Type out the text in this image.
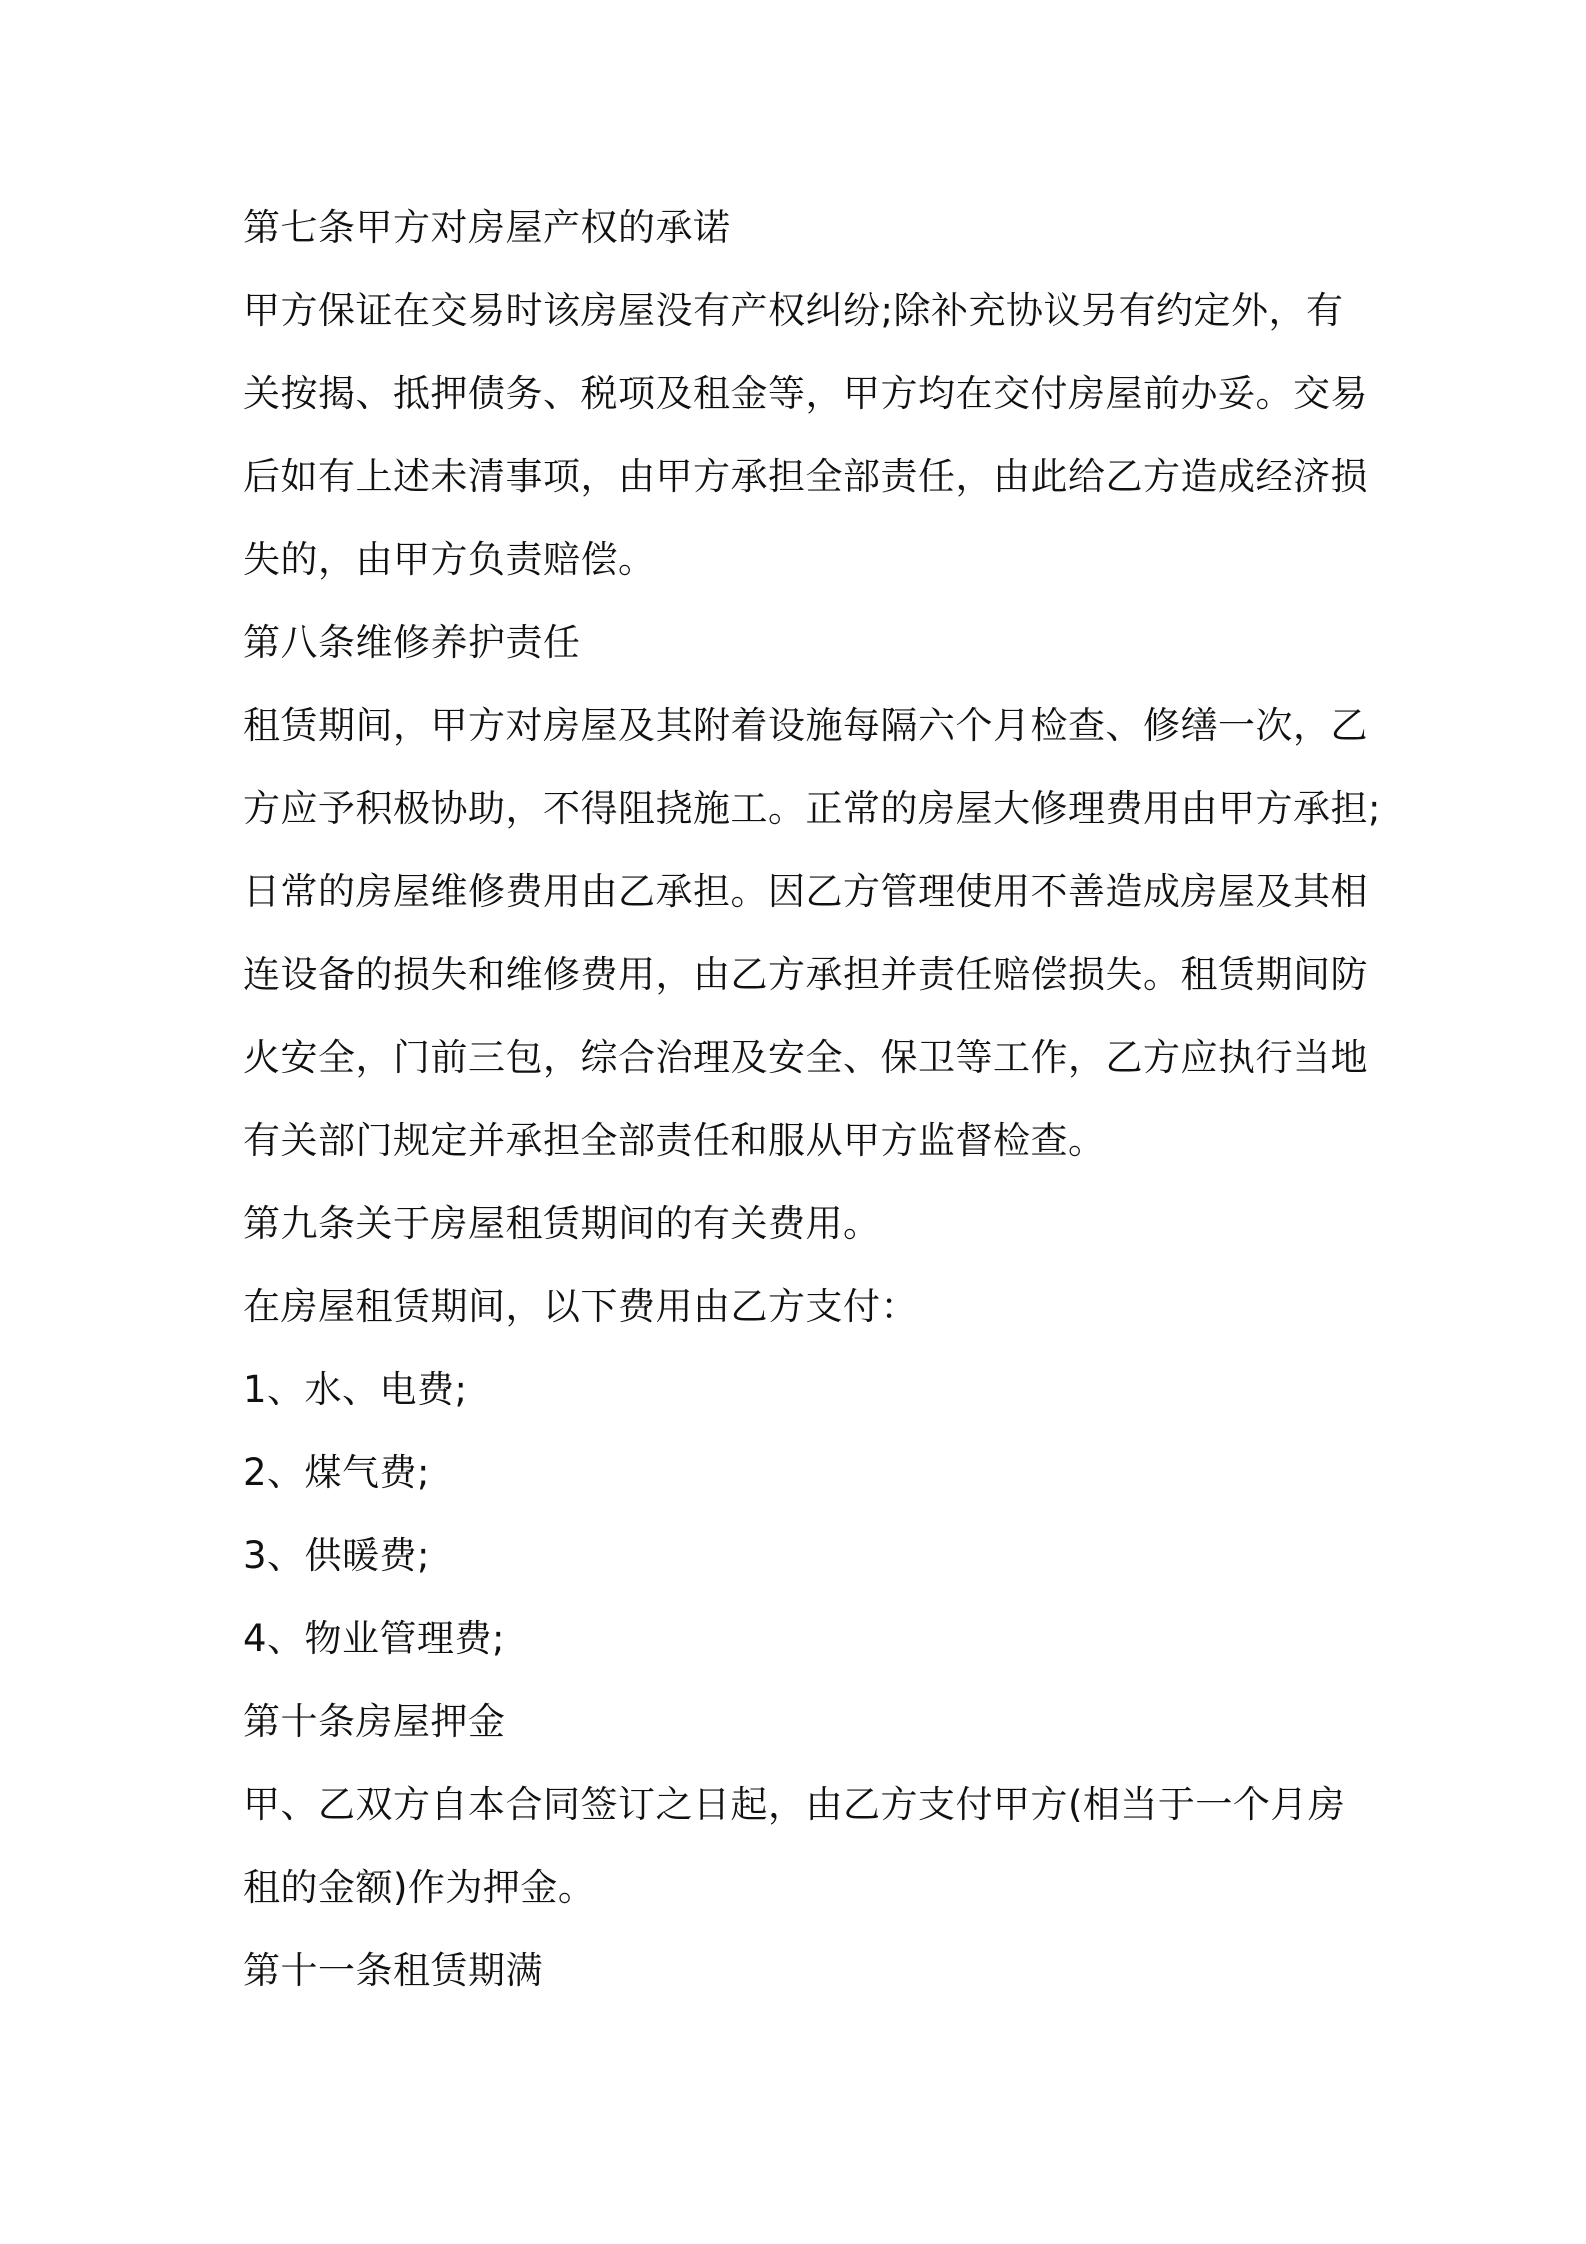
第七条甲方对房屋产权的承诺
甲方保证在交易时该房屋没有产权纠纷;除补充协议另有约定外，有
关按揭、抵押债务、税项及租金等，甲方均在交付房屋前办妥。交易
后如有上述未清事项，由甲方承担全部责任，由此给乙方造成经济损
失的，由甲方负责赔偿。
第八条维修养护责任
租赁期间，甲方对房屋及其附着设施每隔六个月检查、修缮一次，乙
方应予积极协助，不得阻挠施工。正常的房屋大修理费用由甲方承担;
日常的房屋维修费用由乙承担。因乙方管理使用不善造成房屋及其相
连设备的损失和维修费用，由乙方承担并责任赔偿损失。租赁期间防
火安全，门前三包，综合治理及安全、保卫等工作，乙方应执行当地
有关部门规定并承担全部责任和服从甲方监督检查。
第九条关于房屋租赁期间的有关费用。
在房屋租赁期间，以下费用由乙方支付：
1、水、电费;
2、煤气费;
3、供暖费;
4、物业管理费;
第十条房屋押金
甲、乙双方自本合同签订之日起，由乙方支付甲方(相当于一个月房
租的金额)作为押金。
第十一条租赁期满
